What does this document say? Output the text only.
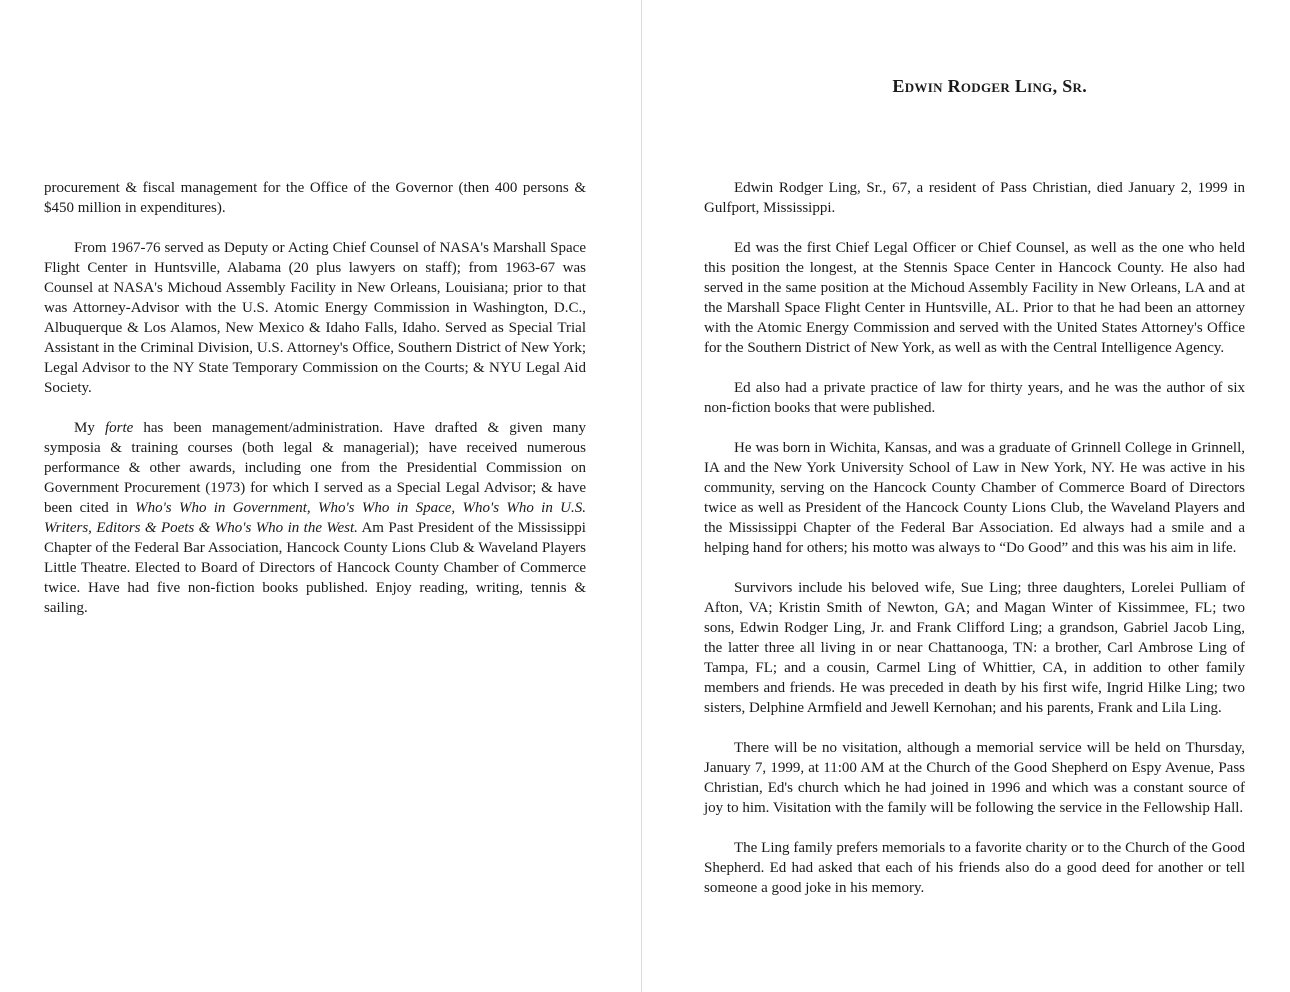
procurement & fiscal management for the Office of the Governor (then 400 persons & $450 million in expenditures).

From 1967-76 served as Deputy or Acting Chief Counsel of NASA's Marshall Space Flight Center in Huntsville, Alabama (20 plus lawyers on staff); from 1963-67 was Counsel at NASA's Michoud Assembly Facility in New Orleans, Louisiana; prior to that was Attorney-Advisor with the U.S. Atomic Energy Commission in Washington, D.C., Albuquerque & Los Alamos, New Mexico & Idaho Falls, Idaho. Served as Special Trial Assistant in the Criminal Division, U.S. Attorney's Office, Southern District of New York; Legal Advisor to the NY State Temporary Commission on the Courts; & NYU Legal Aid Society.

My forte has been management/administration. Have drafted & given many symposia & training courses (both legal & managerial); have received numerous performance & other awards, including one from the Presidential Commission on Government Procurement (1973) for which I served as a Special Legal Advisor; & have been cited in Who's Who in Government, Who's Who in Space, Who's Who in U.S. Writers, Editors & Poets & Who's Who in the West. Am Past President of the Mississippi Chapter of the Federal Bar Association, Hancock County Lions Club & Waveland Players Little Theatre. Elected to Board of Directors of Hancock County Chamber of Commerce twice. Have had five non-fiction books published. Enjoy reading, writing, tennis & sailing.

Edwin Rodger Ling, Sr.

Edwin Rodger Ling, Sr., 67, a resident of Pass Christian, died January 2, 1999 in Gulfport, Mississippi.

Ed was the first Chief Legal Officer or Chief Counsel, as well as the one who held this position the longest, at the Stennis Space Center in Hancock County. He also had served in the same position at the Michoud Assembly Facility in New Orleans, LA and at the Marshall Space Flight Center in Huntsville, AL. Prior to that he had been an attorney with the Atomic Energy Commission and served with the United States Attorney's Office for the Southern District of New York, as well as with the Central Intelligence Agency.

Ed also had a private practice of law for thirty years, and he was the author of six non-fiction books that were published.

He was born in Wichita, Kansas, and was a graduate of Grinnell College in Grinnell, IA and the New York University School of Law in New York, NY. He was active in his community, serving on the Hancock County Chamber of Commerce Board of Directors twice as well as President of the Hancock County Lions Club, the Waveland Players and the Mississippi Chapter of the Federal Bar Association. Ed always had a smile and a helping hand for others; his motto was always to “Do Good” and this was his aim in life.

Survivors include his beloved wife, Sue Ling; three daughters, Lorelei Pulliam of Afton, VA; Kristin Smith of Newton, GA; and Magan Winter of Kissimmee, FL; two sons, Edwin Rodger Ling, Jr. and Frank Clifford Ling; a grandson, Gabriel Jacob Ling, the latter three all living in or near Chattanooga, TN: a brother, Carl Ambrose Ling of Tampa, FL; and a cousin, Carmel Ling of Whittier, CA, in addition to other family members and friends. He was preceded in death by his first wife, Ingrid Hilke Ling; two sisters, Delphine Armfield and Jewell Kernohan; and his parents, Frank and Lila Ling.

There will be no visitation, although a memorial service will be held on Thursday, January 7, 1999, at 11:00 AM at the Church of the Good Shepherd on Espy Avenue, Pass Christian, Ed's church which he had joined in 1996 and which was a constant source of joy to him. Visitation with the family will be following the service in the Fellowship Hall.

The Ling family prefers memorials to a favorite charity or to the Church of the Good Shepherd. Ed had asked that each of his friends also do a good deed for another or tell someone a good joke in his memory.
